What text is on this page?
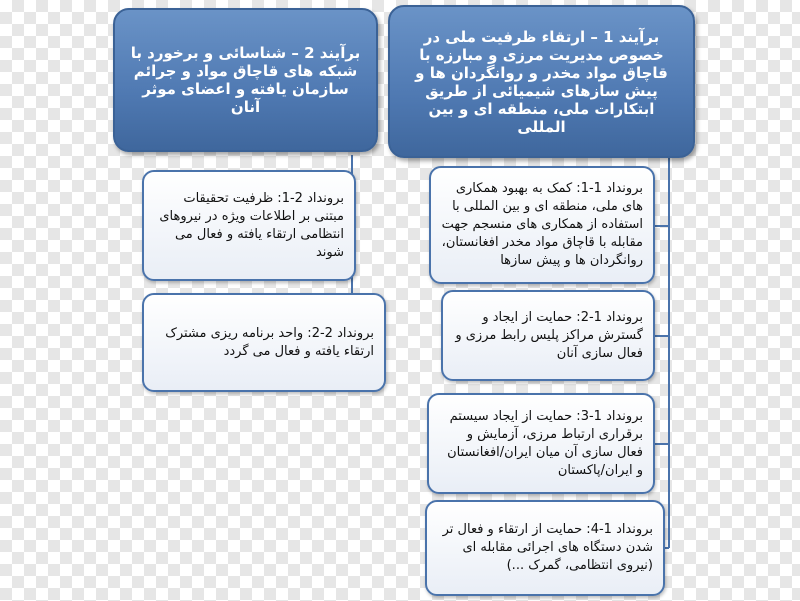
برآیند 2 – شناسائی و برخورد با شبکه های قاچاق مواد و جرائم سازمان یافته و اعضای موثر آنان
برآیند 1 – ارتقاء ظرفیت ملی در خصوص مدیریت مرزی و مبارزه با قاچاق مواد مخدر و روانگردان ها و پیش سازهای شیمیائی از طریق ابتکارات ملی، منطقه ای و بین المللی
برونداد 2-1: ظرفیت تحقیقات مبتنی بر اطلاعات ویژه در نیروهای انتظامی ارتقاء یافته و فعال می شوند
برونداد 2-2: واحد برنامه ریزی مشترک ارتقاء یافته و فعال می گردد
برونداد 1-1: کمک به بهبود همکاری های ملی، منطقه ای و بین المللی با استفاده از همکاری های منسجم جهت مقابله با قاچاق مواد مخدر افغانستان، روانگردان ها و پیش سازها
برونداد 1-2: حمایت از ایجاد و گسترش مراکز پلیس رابط مرزی و فعال سازی آنان
برونداد 1-3: حمایت از ایجاد سیستم برقراری ارتباط مرزی، آزمایش و فعال سازی آن میان ایران/افغانستان و ایران/پاکستان
برونداد 1-4: حمایت از ارتقاء و فعال تر شدن دستگاه های اجرائی مقابله ای (نیروی انتظامی، گمرک ...)
